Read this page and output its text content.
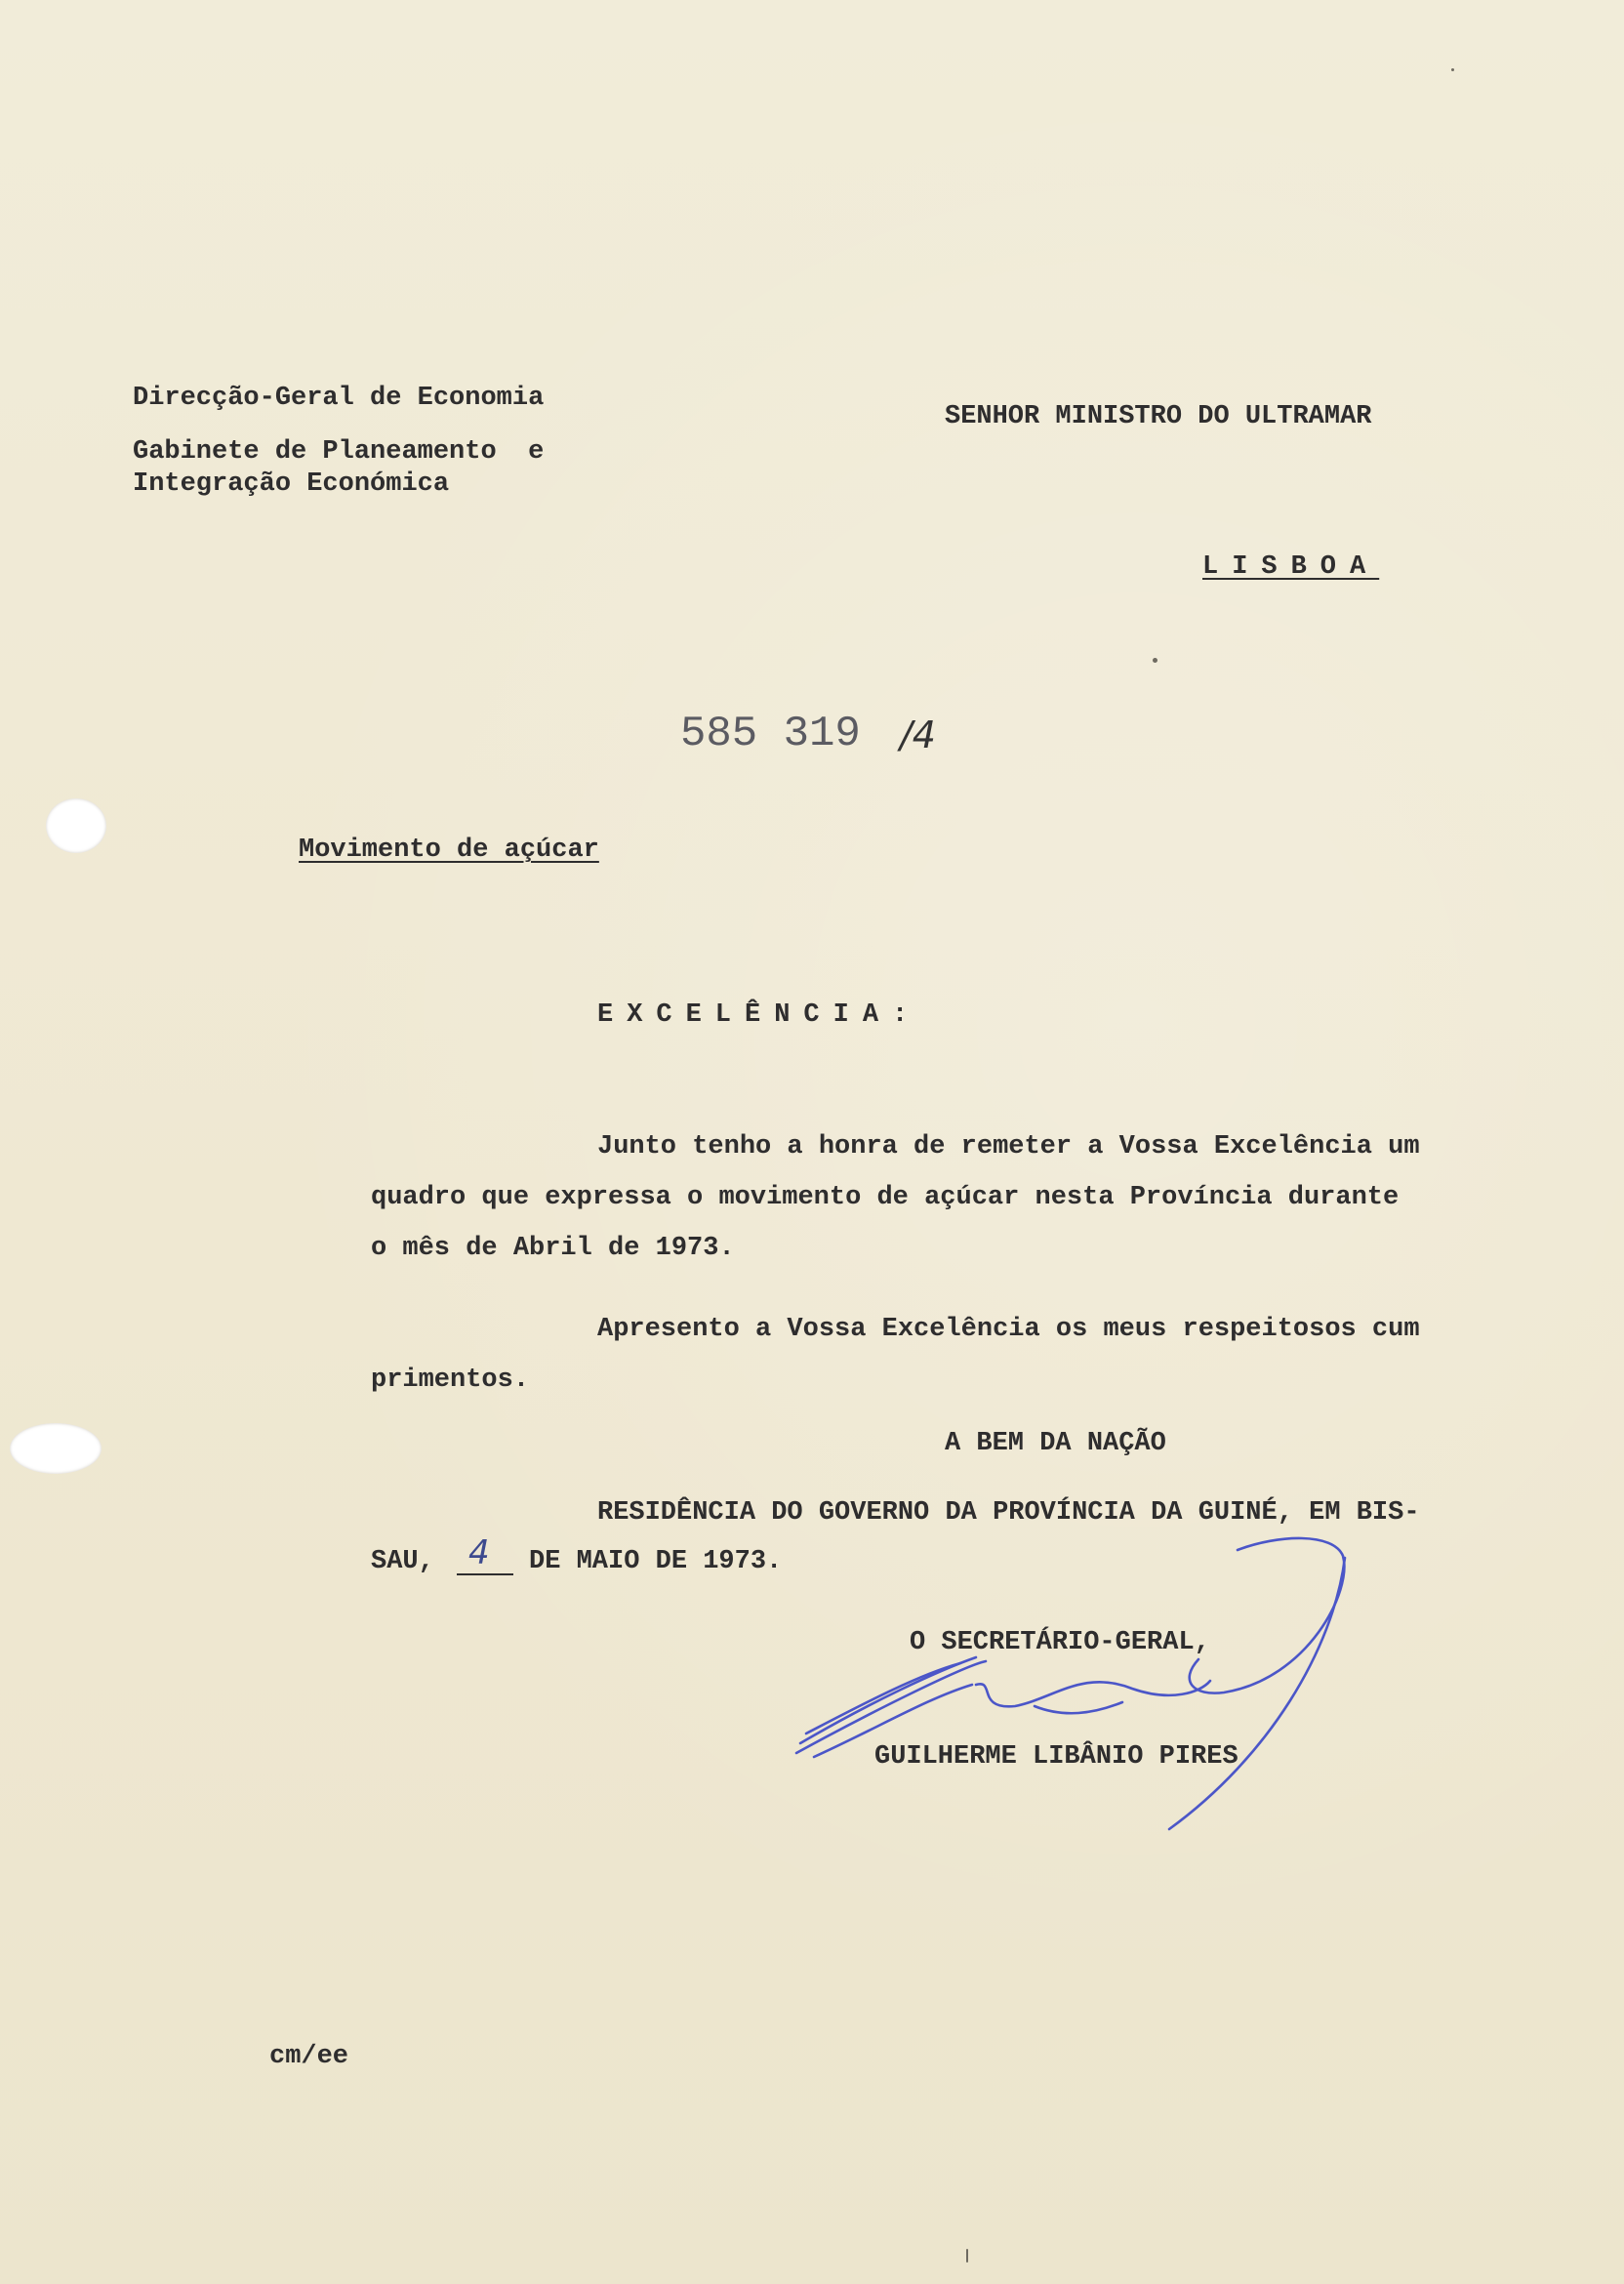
Direcção-Geral de Economia
Gabinete de Planeamento  e
Integração Económica
SENHOR MINISTRO DO ULTRAMAR
LISBOA
585 319 /4
Movimento de açúcar
EXCELÊNCIA:
Junto tenho a honra de remeter a Vossa Excelência um
quadro que expressa o movimento de açúcar nesta Província durante
o mês de Abril de 1973.
Apresento a Vossa Excelência os meus respeitosos cum
primentos.
A BEM DA NAÇÃO
RESIDÊNCIA DO GOVERNO DA PROVÍNCIA DA GUINÉ, EM BIS-
SAU, 4 DE MAIO DE 1973.
O SECRETÁRIO-GERAL,
GUILHERME LIBÂNIO PIRES
cm/ee
